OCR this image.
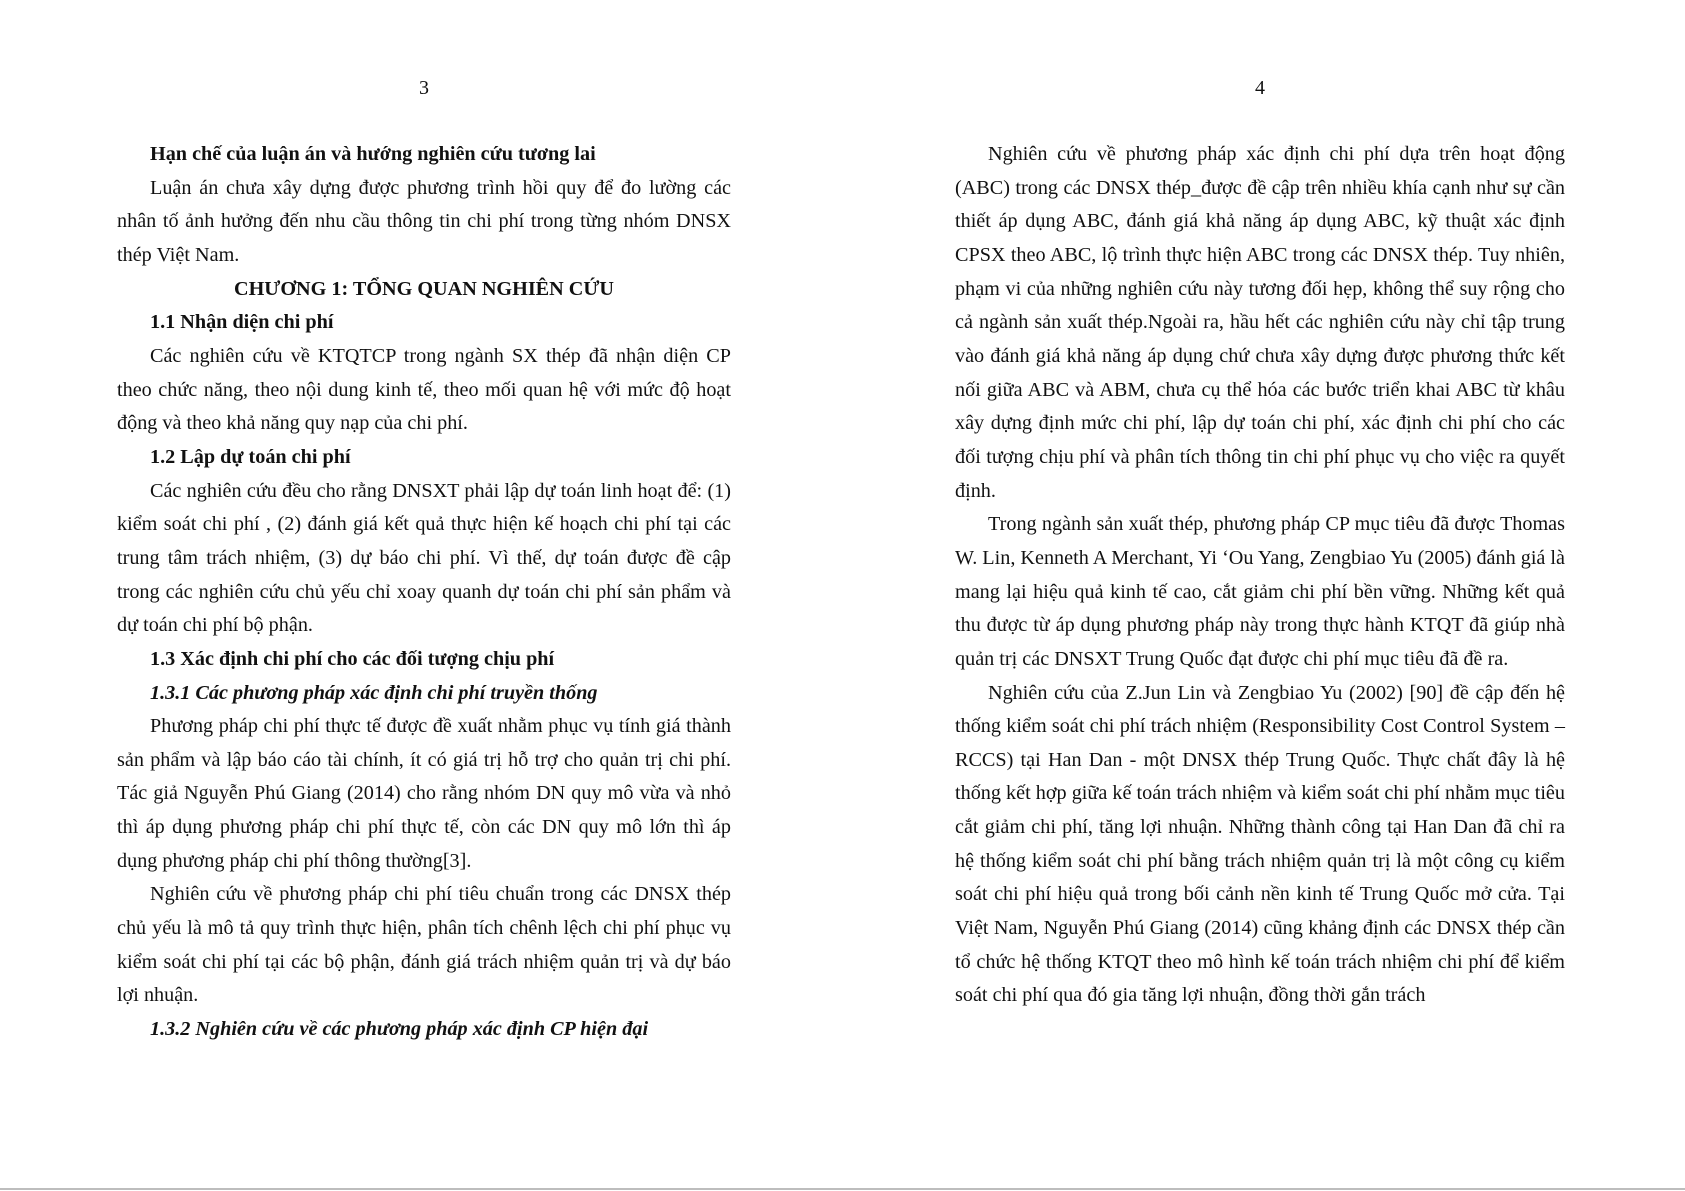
3

Hạn chế của luận án và hướng nghiên cứu tương lai

Luận án chưa xây dựng được phương trình hồi quy để đo lường các nhân tố ảnh hưởng đến nhu cầu thông tin chi phí trong từng nhóm DNSX thép Việt Nam.

CHƯƠNG 1: TỔNG QUAN NGHIÊN CỨU

1.1 Nhận diện chi phí

Các nghiên cứu về KTQTCP trong ngành SX thép đã nhận diện CP theo chức năng, theo nội dung kinh tế, theo mối quan hệ với mức độ hoạt động và theo khả năng quy nạp của chi phí.

1.2 Lập dự toán chi phí

Các nghiên cứu đều cho rằng DNSXT phải lập dự toán linh hoạt để: (1) kiểm soát chi phí , (2) đánh giá kết quả thực hiện kế hoạch chi phí tại các trung tâm trách nhiệm, (3) dự báo chi phí. Vì thế, dự toán được đề cập trong các nghiên cứu chủ yếu chỉ xoay quanh dự toán chi phí sản phẩm và dự toán chi phí bộ phận.

1.3 Xác định chi phí cho các đối tượng chịu phí

1.3.1 Các phương pháp xác định chi phí truyền thống

Phương pháp chi phí thực tế được đề xuất nhằm phục vụ tính giá thành sản phẩm và lập báo cáo tài chính, ít có giá trị hỗ trợ cho quản trị chi phí. Tác giả Nguyễn Phú Giang (2014) cho rằng nhóm DN quy mô vừa và nhỏ thì áp dụng phương pháp chi phí thực tế, còn các DN quy mô lớn thì áp dụng phương pháp chi phí thông thường[3].

Nghiên cứu về phương pháp chi phí tiêu chuẩn trong các DNSX thép chủ yếu là mô tả quy trình thực hiện, phân tích chênh lệch chi phí phục vụ kiểm soát chi phí tại các bộ phận, đánh giá trách nhiệm quản trị và dự báo lợi nhuận.

1.3.2 Nghiên cứu về các phương pháp xác định CP hiện đại

4

Nghiên cứu về phương pháp xác định chi phí dựa trên hoạt động (ABC) trong các DNSX thép_được đề cập trên nhiều khía cạnh như sự cần thiết áp dụng ABC, đánh giá khả năng áp dụng ABC, kỹ thuật xác định CPSX theo ABC, lộ trình thực hiện ABC trong các DNSX thép. Tuy nhiên, phạm vi của những nghiên cứu này tương đối hẹp, không thể suy rộng cho cả ngành sản xuất thép.Ngoài ra, hầu hết các nghiên cứu này chỉ tập trung vào đánh giá khả năng áp dụng chứ chưa xây dựng được phương thức kết nối giữa ABC và ABM, chưa cụ thể hóa các bước triển khai ABC từ khâu xây dựng định mức chi phí, lập dự toán chi phí, xác định chi phí cho các đối tượng chịu phí và phân tích thông tin chi phí phục vụ cho việc ra quyết định.

Trong ngành sản xuất thép, phương pháp CP mục tiêu đã được Thomas W. Lin, Kenneth A Merchant, Yi ‘Ou Yang, Zengbiao Yu (2005) đánh giá là mang lại hiệu quả kinh tế cao, cắt giảm chi phí bền vững. Những kết quả thu được từ áp dụng phương pháp này trong thực hành KTQT đã giúp nhà quản trị các DNSXT Trung Quốc đạt được chi phí mục tiêu đã đề ra.

Nghiên cứu của Z.Jun Lin và Zengbiao Yu (2002) [90] đề cập đến hệ thống kiểm soát chi phí trách nhiệm (Responsibility Cost Control System – RCCS) tại Han Dan - một DNSX thép Trung Quốc. Thực chất đây là hệ thống kết hợp giữa kế toán trách nhiệm và kiểm soát chi phí nhằm mục tiêu cắt giảm chi phí, tăng lợi nhuận. Những thành công tại Han Dan đã chỉ ra hệ thống kiểm soát chi phí bằng trách nhiệm quản trị là một công cụ kiểm soát chi phí hiệu quả trong bối cảnh nền kinh tế Trung Quốc mở cửa. Tại Việt Nam, Nguyễn Phú Giang (2014) cũng khảng định các DNSX thép cần tổ chức hệ thống KTQT theo mô hình kế toán trách nhiệm chi phí để kiểm soát chi phí qua đó gia tăng lợi nhuận, đồng thời gắn trách
